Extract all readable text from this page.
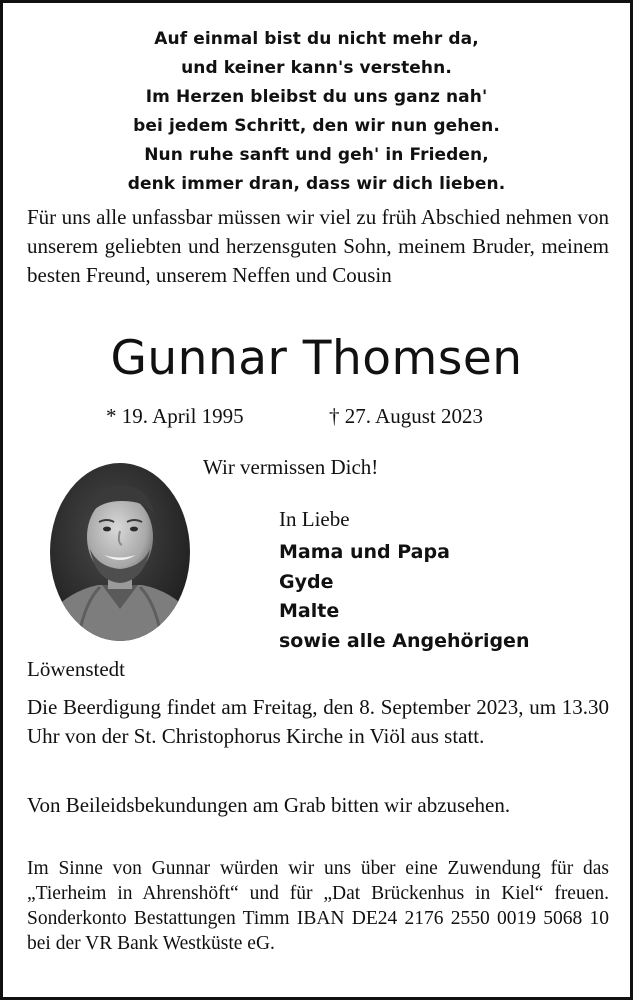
Auf einmal bist du nicht mehr da,
und keiner kann's verstehn.
Im Herzen bleibst du uns ganz nah'
bei jedem Schritt, den wir nun gehen.
Nun ruhe sanft und geh' in Frieden,
denk immer dran, dass wir dich lieben.
Für uns alle unfassbar müssen wir viel zu früh Abschied nehmen von unserem geliebten und herzensguten Sohn, meinem Bruder, meinem besten Freund, unserem Neffen und Cousin
Gunnar Thomsen
* 19. April 1995	† 27. August 2023
Wir vermissen Dich!
In Liebe
Mama und Papa
Gyde
Malte
sowie alle Angehörigen
Löwenstedt
Die Beerdigung findet am Freitag, den 8. September 2023, um 13.30 Uhr von der St. Christophorus Kirche in Viöl aus statt.
Von Beileidsbekundungen am Grab bitten wir abzusehen.
Im Sinne von Gunnar würden wir uns über eine Zuwendung für das „Tierheim in Ahrenshöft“ und für „Dat Brückenhus in Kiel“ freuen. Sonderkonto Bestattungen Timm IBAN DE24 2176 2550 0019 5068 10 bei der VR Bank Westküste eG.
